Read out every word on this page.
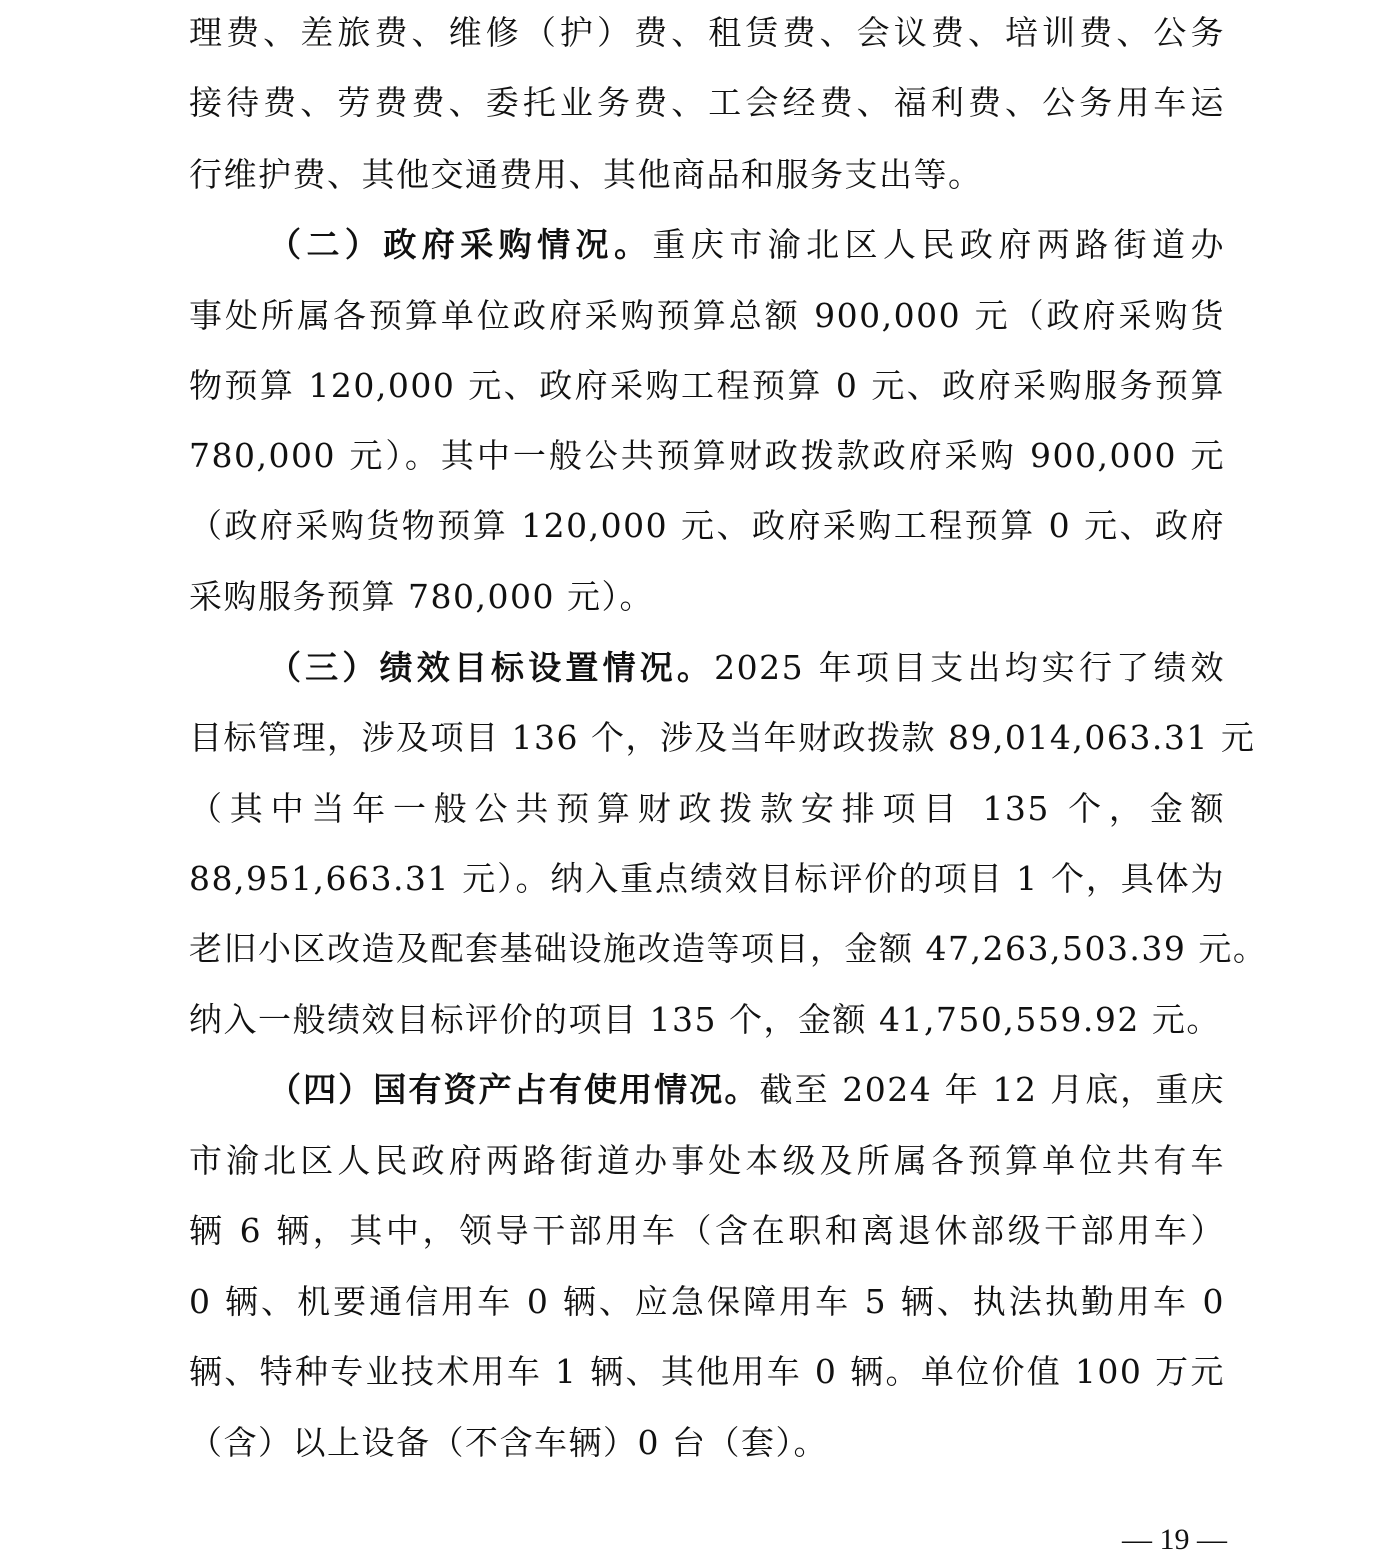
理费、差旅费、维修（护）费、租赁费、会议费、培训费、公务
接待费、劳费费、委托业务费、工会经费、福利费、公务用车运
行维护费、其他交通费用、其他商品和服务支出等。
（二）政府采购情况。重庆市渝北区人民政府两路街道办
事处所属各预算单位政府采购预算总额 900,000 元（政府采购货
物预算 120,000 元、政府采购工程预算 0 元、政府采购服务预算
780,000 元）。其中一般公共预算财政拨款政府采购 900,000 元
（政府采购货物预算 120,000 元、政府采购工程预算 0 元、政府
采购服务预算 780,000 元）。
（三）绩效目标设置情况。2025 年项目支出均实行了绩效
目标管理，涉及项目 136 个，涉及当年财政拨款 89,014,063.31 元
（其中当年一般公共预算财政拨款安排项目 135 个，金额
88,951,663.31 元）。纳入重点绩效目标评价的项目 1 个，具体为
老旧小区改造及配套基础设施改造等项目，金额 47,263,503.39 元。
纳入一般绩效目标评价的项目 135 个，金额 41,750,559.92 元。
（四）国有资产占有使用情况。截至 2024 年 12 月底，重庆
市渝北区人民政府两路街道办事处本级及所属各预算单位共有车
辆 6 辆，其中，领导干部用车（含在职和离退休部级干部用车）
0 辆、机要通信用车 0 辆、应急保障用车 5 辆、执法执勤用车 0
辆、特种专业技术用车 1 辆、其他用车 0 辆。单位价值 100 万元
（含）以上设备（不含车辆）0 台（套）。
— 19 —
